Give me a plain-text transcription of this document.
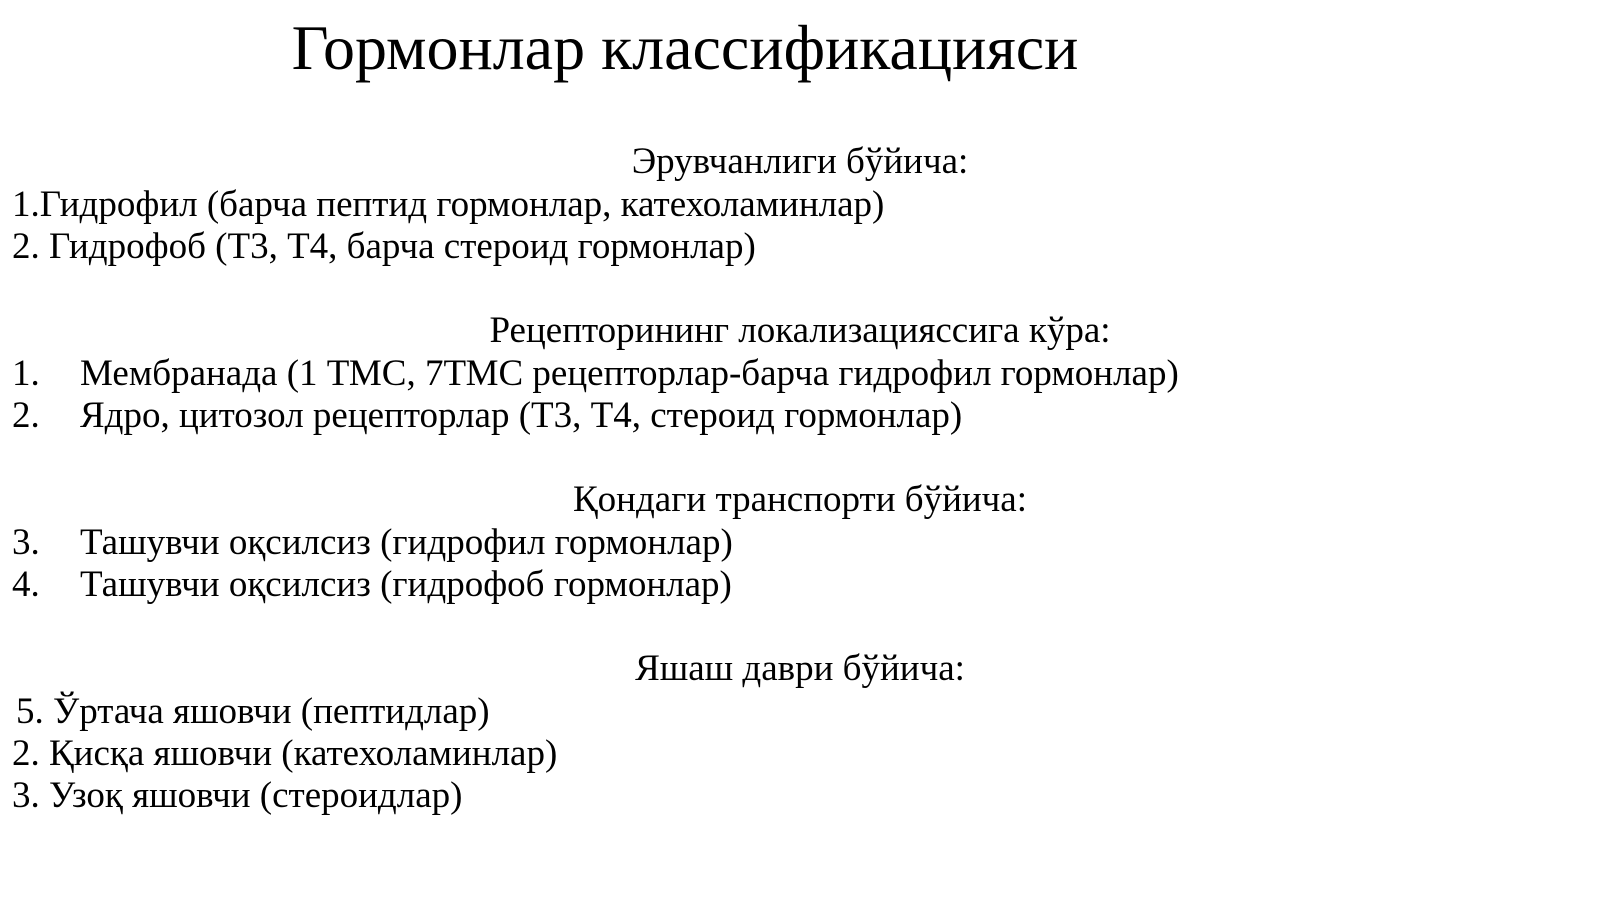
Гормонлар классификацияси
Эрувчанлиги бўйича:
1.Гидрофил (барча пептид гормонлар, катехоламинлар)
2. Гидрофоб (Т3, Т4, барча стероид гормонлар)
Рецепторининг локализацияссига кўра:
1. Мембранада (1 ТМС, 7ТМС рецепторлар-барча гидрофил гормонлар)
2. Ядро, цитозол рецепторлар (Т3, Т4, стероид гормонлар)
Қондаги транспорти бўйича:
3. Ташувчи оқсилсиз (гидрофил гормонлар)
4. Ташувчи оқсилсиз (гидрофоб гормонлар)
Яшаш даври бўйича:
5. Ўртача яшовчи (пептидлар)
2. Қисқа яшовчи (катехоламинлар)
3. Узоқ яшовчи (стероидлар)
